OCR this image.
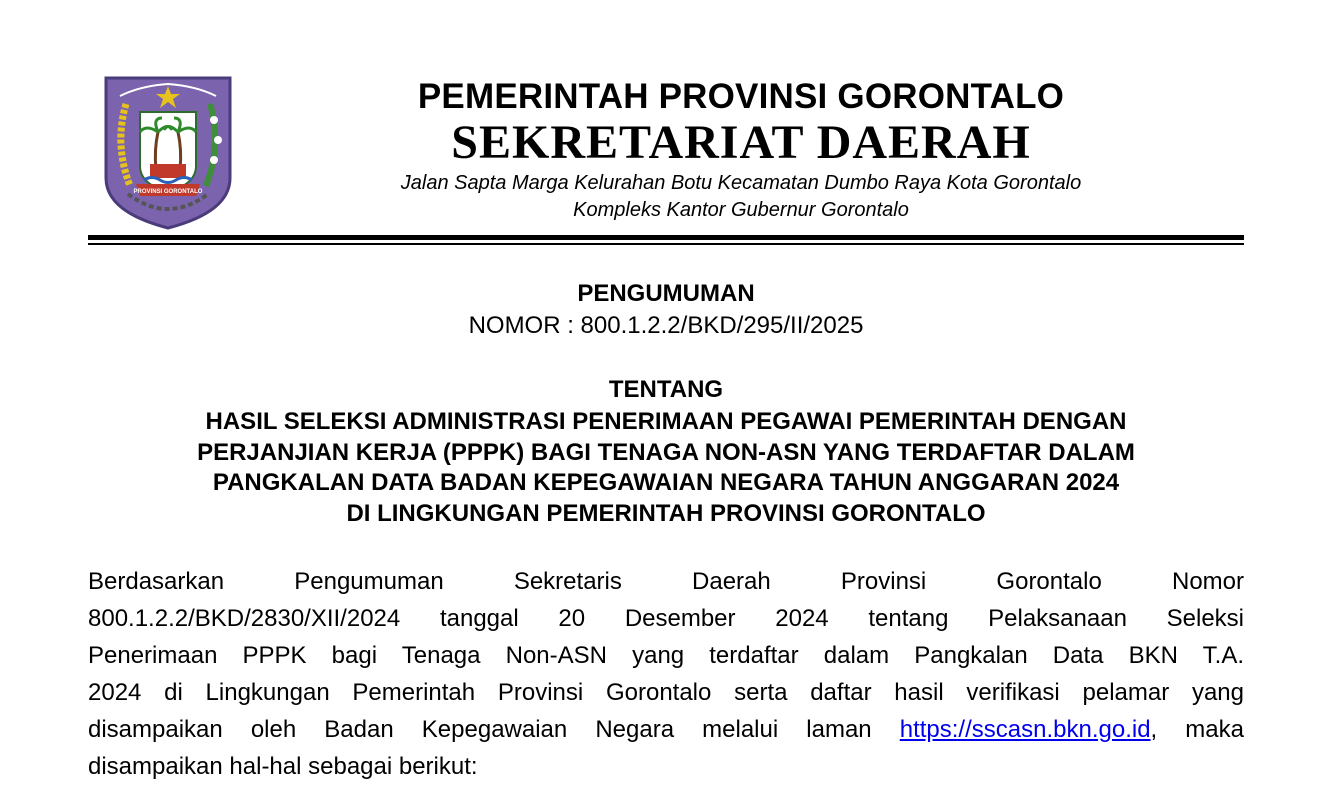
PROVINSI GORONTALO
PEMERINTAH PROVINSI GORONTALO
SEKRETARIAT DAERAH
Jalan Sapta Marga Kelurahan Botu Kecamatan Dumbo Raya Kota Gorontalo
Kompleks Kantor Gubernur Gorontalo
PENGUMUMAN
NOMOR : 800.1.2.2/BKD/295/II/2025
TENTANG
HASIL SELEKSI ADMINISTRASI PENERIMAAN PEGAWAI PEMERINTAH DENGAN
PERJANJIAN KERJA (PPPK) BAGI TENAGA NON-ASN YANG TERDAFTAR DALAM
PANGKALAN DATA BADAN KEPEGAWAIAN NEGARA TAHUN ANGGARAN 2024
DI LINGKUNGAN PEMERINTAH PROVINSI GORONTALO
Berdasarkan Pengumuman Sekretaris Daerah Provinsi Gorontalo Nomor
800.1.2.2/BKD/2830/XII/2024 tanggal 20 Desember 2024 tentang Pelaksanaan Seleksi
Penerimaan PPPK bagi Tenaga Non-ASN yang terdaftar dalam Pangkalan Data BKN T.A.
2024 di Lingkungan Pemerintah Provinsi Gorontalo serta daftar hasil verifikasi pelamar yang
disampaikan oleh Badan Kepegawaian Negara melalui laman https://sscasn.bkn.go.id, maka
disampaikan hal-hal sebagai berikut:
